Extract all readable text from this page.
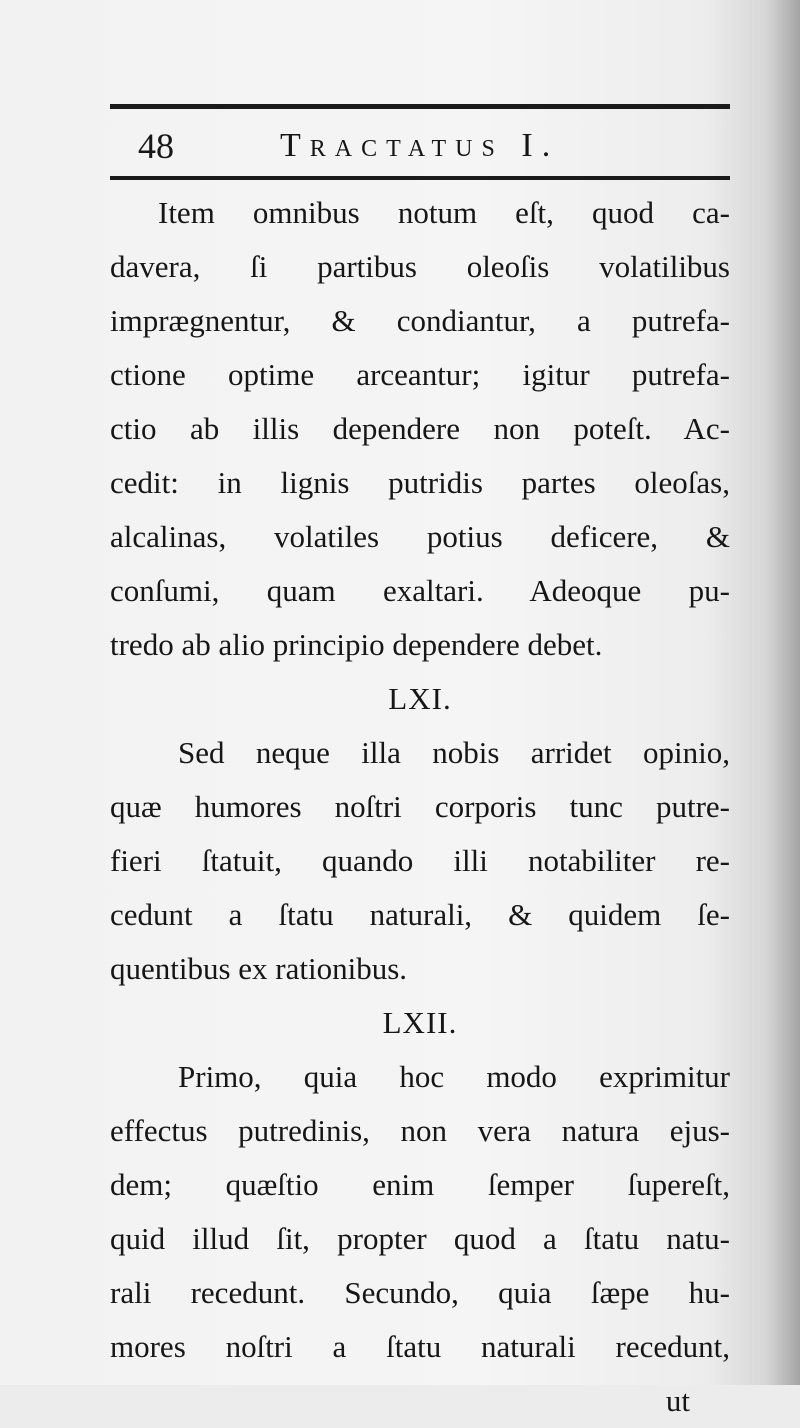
48	Tractatus I.
Item omnibus notum eſt, quod ca-
davera, ſi partibus oleoſis volatilibus
imprægnentur, & condiantur, a putrefa-
ctione optime arceantur; igitur putrefa-
ctio ab illis dependere non poteſt. Ac-
cedit: in lignis putridis partes oleoſas,
alcalinas, volatiles potius deficere, &
conſumi, quam exaltari. Adeoque pu-
tredo ab alio principio dependere debet.
LXI.
Sed neque illa nobis arridet opinio,
quæ humores noſtri corporis tunc putre-
fieri ſtatuit, quando illi notabiliter re-
cedunt a ſtatu naturali, & quidem ſe-
quentibus ex rationibus.
LXII.
Primo, quia hoc modo exprimitur
effectus putredinis, non vera natura ejus-
dem; quæſtio enim ſemper ſupereſt,
quid illud ſit, propter quod a ſtatu natu-
rali recedunt. Secundo, quia ſæpe hu-
mores noſtri a ſtatu naturali recedunt,
ut
